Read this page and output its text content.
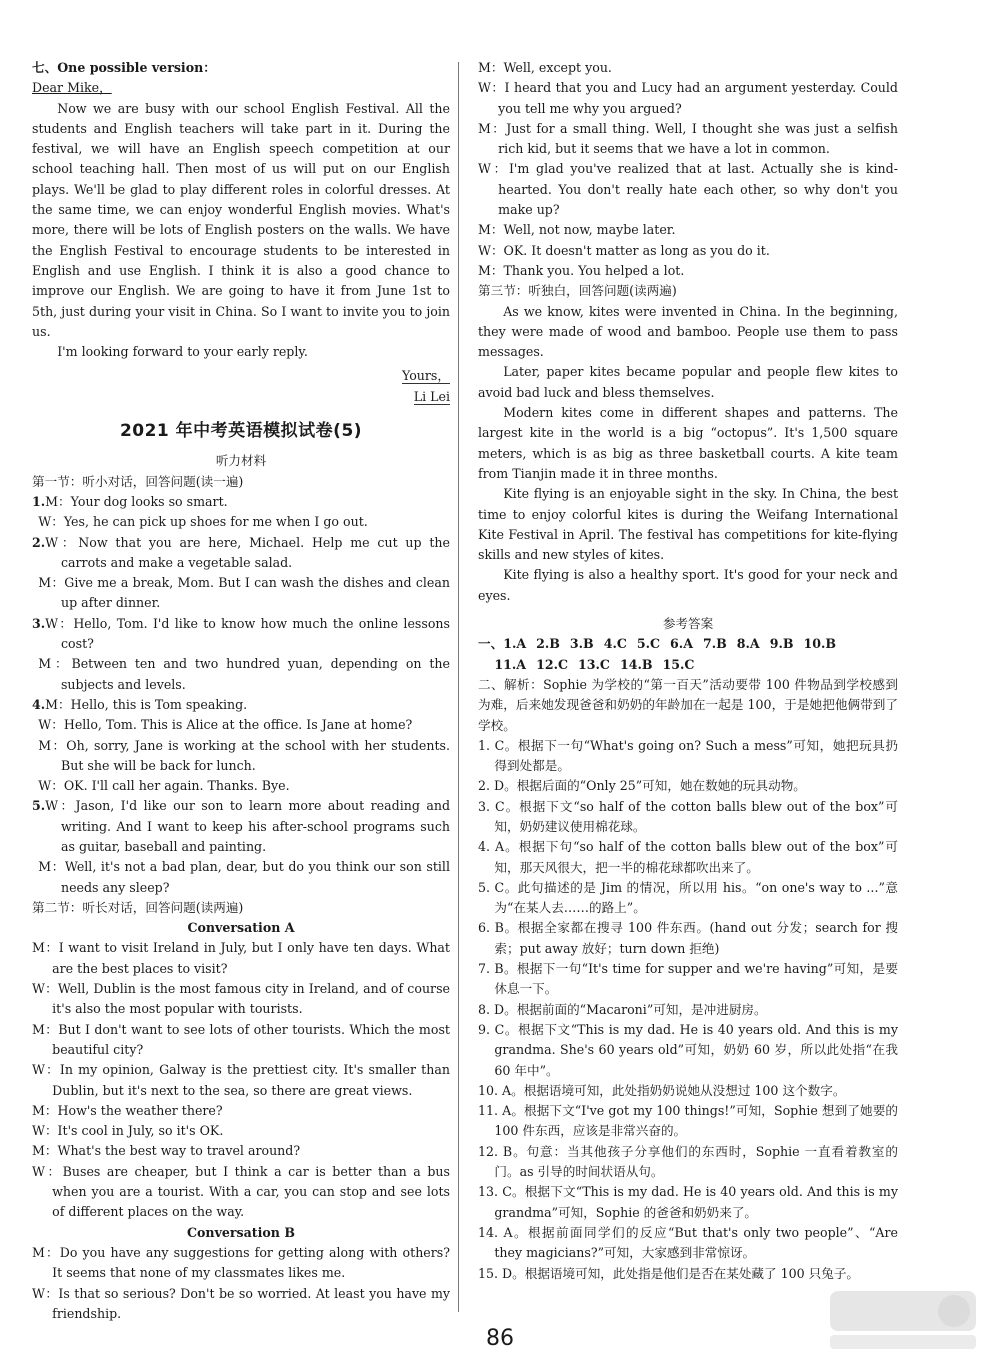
七、One possible version：

Dear Mike，

Now we are busy with our school English Festival. All the students and English teachers will take part in it. During the festival, we will have an English speech competition at our school teaching hall. Then most of us will put on our English plays. We'll be glad to play different roles in colorful dresses. At the same time, we can enjoy wonderful English movies. What's more, there will be lots of English posters on the walls. We have the English Festival to encourage students to be interested in English and use English. I think it is also a good chance to improve our English. We are going to have it from June 1st to 5th, just during your visit in China. So I want to invite you to join us.

I'm looking forward to your early reply.

Yours，

Li Lei

2021 年中考英语模拟试卷(5)

听力材料

第一节：听小对话，回答问题(读一遍)

1.M：Your dog looks so smart.

W：Yes, he can pick up shoes for me when I go out.

2.W：Now that you are here, Michael. Help me cut up the carrots and make a vegetable salad.

M：Give me a break, Mom. But I can wash the dishes and clean up after dinner.

3.W：Hello, Tom. I'd like to know how much the online lessons cost?

M：Between ten and two hundred yuan, depending on the subjects and levels.

4.M：Hello, this is Tom speaking.

W：Hello, Tom. This is Alice at the office. Is Jane at home?

M：Oh, sorry, Jane is working at the school with her students. But she will be back for lunch.

W：OK. I'll call her again. Thanks. Bye.

5.W：Jason, I'd like our son to learn more about reading and writing. And I want to keep his after-school programs such as guitar, baseball and painting.

M：Well, it's not a bad plan, dear, but do you think our son still needs any sleep?

第二节：听长对话，回答问题(读两遍)

Conversation A

M：I want to visit Ireland in July, but I only have ten days. What are the best places to visit?

W：Well, Dublin is the most famous city in Ireland, and of course it's also the most popular with tourists.

M：But I don't want to see lots of other tourists. Which the most beautiful city?

W：In my opinion, Galway is the prettiest city. It's smaller than Dublin, but it's next to the sea, so there are great views.

M：How's the weather there?

W：It's cool in July, so it's OK.

M：What's the best way to travel around?

W：Buses are cheaper, but I think a car is better than a bus when you are a tourist. With a car, you can stop and see lots of different places on the way.

Conversation B

M：Do you have any suggestions for getting along with others? It seems that none of my classmates likes me.

W：Is that so serious? Don't be so worried. At least you have my friendship.

M：Well, except you.

W：I heard that you and Lucy had an argument yesterday. Could you tell me why you argued?

M：Just for a small thing. Well, I thought she was just a selfish rich kid, but it seems that we have a lot in common.

W：I'm glad you've realized that at last. Actually she is kind-hearted. You don't really hate each other, so why don't you make up?

M：Well, not now, maybe later.

W：OK. It doesn't matter as long as you do it.

M：Thank you. You helped a lot.

第三节：听独白，回答问题(读两遍)

As we know, kites were invented in China. In the beginning, they were made of wood and bamboo. People use them to pass messages.

Later, paper kites became popular and people flew kites to avoid bad luck and bless themselves.

Modern kites come in different shapes and patterns. The largest kite in the world is a big “octopus”. It's 1,500 square meters, which is as big as three basketball courts. A kite team from Tianjin made it in three months.

Kite flying is an enjoyable sight in the sky. In China, the best time to enjoy colorful kites is during the Weifang International Kite Festival in April. The festival has competitions for kite-flying skills and new styles of kites.

Kite flying is also a healthy sport. It's good for your neck and eyes.

参考答案

一、1.A 2.B 3.B 4.C 5.C 6.A 7.B 8.A 9.B 10.B

11.A 12.C 13.C 14.B 15.C

二、解析：Sophie 为学校的“第一百天”活动要带 100 件物品到学校感到为难，后来她发现爸爸和奶奶的年龄加在一起是 100，于是她把他俩带到了学校。

1. C。根据下一句“What's going on? Such a mess”可知，她把玩具扔得到处都是。

2. D。根据后面的“Only 25”可知，她在数她的玩具动物。

3. C。根据下文“so half of the cotton balls blew out of the box”可知，奶奶建议使用棉花球。

4. A。根据下句“so half of the cotton balls blew out of the box”可知，那天风很大，把一半的棉花球都吹出来了。

5. C。此句描述的是 Jim 的情况，所以用 his。“on one's way to ...”意为“在某人去……的路上”。

6. B。根据全家都在搜寻 100 件东西。(hand out 分发；search for 搜索；put away 放好；turn down 拒绝)

7. B。根据下一句“It's time for supper and we're having”可知，是要休息一下。

8. D。根据前面的“Macaroni”可知，是冲进厨房。

9. C。根据下文“This is my dad. He is 40 years old. And this is my grandma. She's 60 years old”可知，奶奶 60 岁，所以此处指“在我 60 年中”。

10. A。根据语境可知，此处指奶奶说她从没想过 100 这个数字。

11. A。根据下文“I've got my 100 things!”可知，Sophie 想到了她要的 100 件东西，应该是非常兴奋的。

12. B。句意：当其他孩子分享他们的东西时，Sophie 一直看着教室的门。as 引导的时间状语从句。

13. C。根据下文“This is my dad. He is 40 years old. And this is my grandma”可知，Sophie 的爸爸和奶奶来了。

14. A。根据前面同学们的反应“But that's only two people”、“Are they magicians?”可知，大家感到非常惊讶。

15. D。根据语境可知，此处指是他们是否在某处藏了 100 只兔子。

86
